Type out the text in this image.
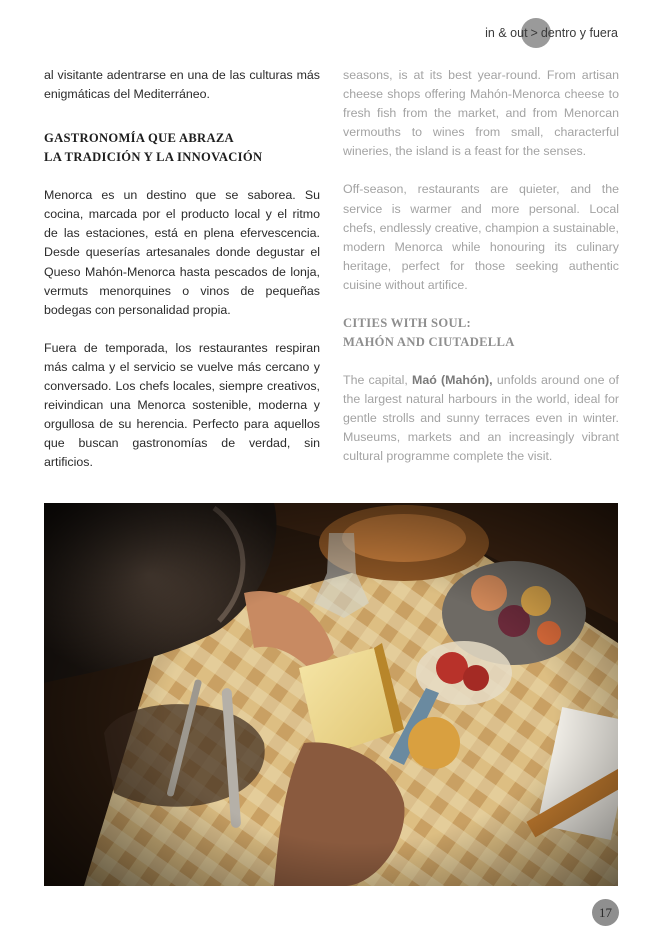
in & out > dentro y fuera

al visitante adentrarse en una de las culturas más enigmáticas del Mediterráneo.

GASTRONOMÍA QUE ABRAZA
LA TRADICIÓN Y LA INNOVACIÓN

Menorca es un destino que se saborea. Su cocina, marcada por el producto local y el ritmo de las estaciones, está en plena efervescencia. Desde queserías artesanales donde degustar el Queso Mahón-Menorca hasta pescados de lonja, vermuts menorquines o vinos de pequeñas bodegas con personalidad propia.

Fuera de temporada, los restaurantes respiran más calma y el servicio se vuelve más cercano y conversado. Los chefs locales, siempre creativos, reivindican una Menorca sostenible, moderna y orgullosa de su herencia. Perfecto para aquellos que buscan gastronomías de verdad, sin artificios.

seasons, is at its best year-round. From artisan cheese shops offering Mahón-Menorca cheese to fresh fish from the market, and from Menorcan vermouths to wines from small, characterful wineries, the island is a feast for the senses.

Off-season, restaurants are quieter, and the service is warmer and more personal. Local chefs, endlessly creative, champion a sustainable, modern Menorca while honouring its culinary heritage, perfect for those seeking authentic cuisine without artifice.

CITIES WITH SOUL:
MAHÓN AND CIUTADELLA

The capital, Maó (Mahón), unfolds around one of the largest natural harbours in the world, ideal for gentle strolls and sunny terraces even in winter. Museums, markets and an increasingly vibrant cultural programme complete the visit.

17
